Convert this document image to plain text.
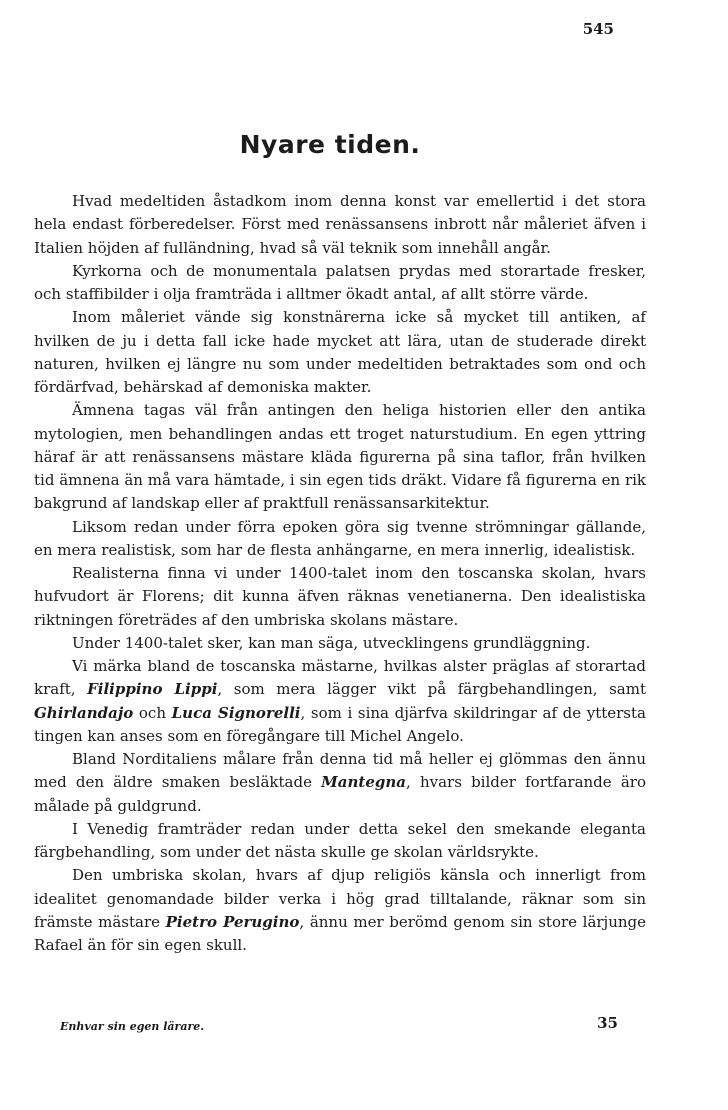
545
Nyare tiden.

Hvad medeltiden åstadkom inom denna konst var emellertid i det stora hela endast förberedelser. Först med renässansens inbrott når måleriet äfven i Italien höjden af fulländning, hvad så väl teknik som innehåll angår.

Kyrkorna och de monumentala palatsen prydas med storartade fresker, och staffibilder i olja framträda i alltmer ökadt antal, af allt större värde.

Inom måleriet vände sig konstnärerna icke så mycket till antiken, af hvilken de ju i detta fall icke hade mycket att lära, utan de studerade direkt naturen, hvilken ej längre nu som under medeltiden betraktades som ond och fördärfvad, behärskad af demoniska makter.

Ämnena tagas väl från antingen den heliga historien eller den antika mytologien, men behandlingen andas ett troget naturstudium. En egen yttring häraf är att renässansens mästare kläda figurerna på sina taflor, från hvilken tid ämnena än må vara hämtade, i sin egen tids dräkt. Vidare få figurerna en rik bakgrund af landskap eller af praktfull renässansarkitektur.

Liksom redan under förra epoken göra sig tvenne strömningar gällande, en mera realistisk, som har de flesta anhängarne, en mera innerlig, idealistisk.

Realisterna finna vi under 1400-talet inom den toscanska skolan, hvars hufvudort är Florens; dit kunna äfven räknas venetianerna. Den idealistiska riktningen företrädes af den umbriska skolans mästare.

Under 1400-talet sker, kan man säga, utvecklingens grundläggning.

Vi märka bland de toscanska mästarne, hvilkas alster präglas af storartad kraft, Filippino Lippi, som mera lägger vikt på färgbehandlingen, samt Ghirlandajo och Luca Signorelli, som i sina djärfva skildringar af de yttersta tingen kan anses som en föregångare till Michel Angelo.

Bland Norditaliens målare från denna tid må heller ej glömmas den ännu med den äldre smaken besläktade Mantegna, hvars bilder fortfarande äro målade på guldgrund.

I Venedig framträder redan under detta sekel den smekande eleganta färgbehandling, som under det nästa skulle ge skolan världsrykte.

Den umbriska skolan, hvars af djup religiös känsla och innerligt from idealitet genomandade bilder verka i hög grad tilltalande, räknar som sin främste mästare Pietro Perugino, ännu mer berömd genom sin store lärjunge Rafael än för sin egen skull.

Enhvar sin egen lärare.	35
